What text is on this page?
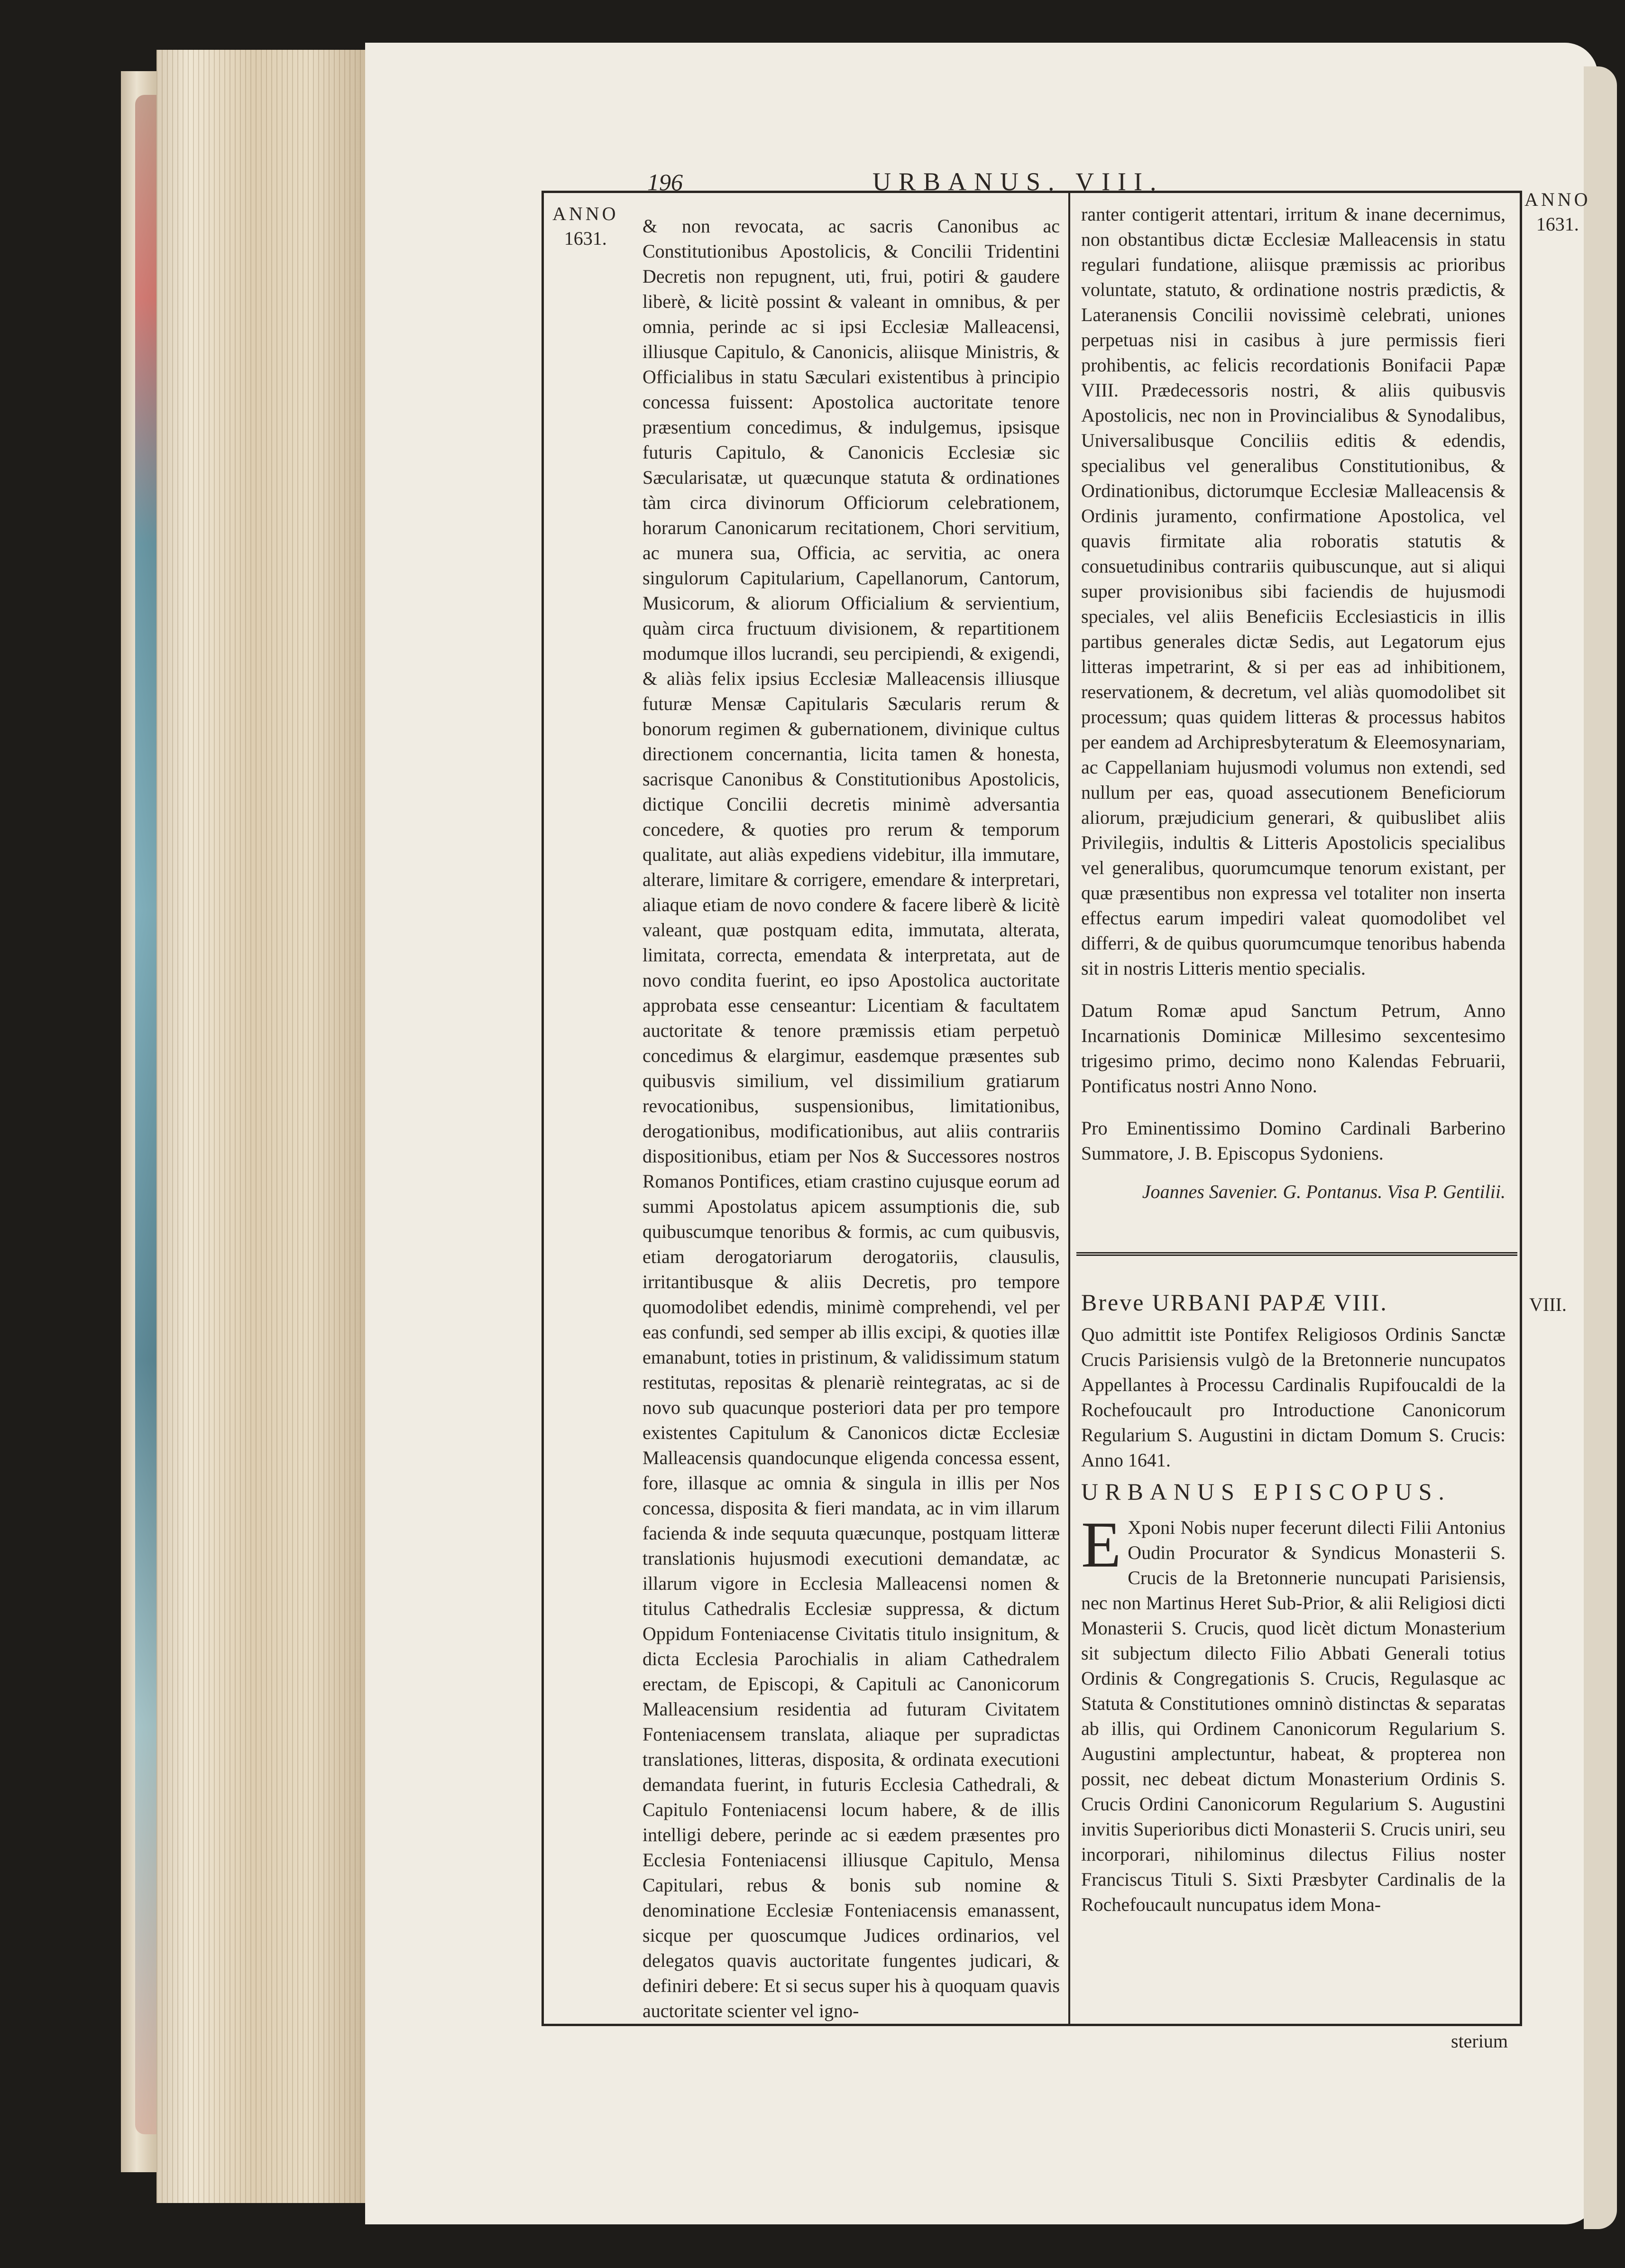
196	URBANUS. VIII.
ANNO
1631.
ANNO
1631.
VIII.

& non revocata, ac sacris Canonibus ac Constitutionibus Apostolicis, & Concilii Tridentini Decretis non repugnent, uti, frui, potiri & gaudere liberè, & licitè possint & valeant in omnibus, & per omnia, perinde ac si ipsi Ecclesiæ Malleacensi, illiusque Capitulo, & Canonicis, aliisque Ministris, & Officialibus in statu Sæculari existentibus à principio concessa fuissent: Apostolica auctoritate tenore præsentium concedimus, & indulgemus, ipsisque futuris Capitulo, & Canonicis Ecclesiæ sic Sæcularisatæ, ut quæcunque statuta & ordinationes tàm circa divinorum Officiorum celebrationem, horarum Canonicarum recitationem, Chori servitium, ac munera sua, Officia, ac servitia, ac onera singulorum Capitularium, Capellanorum, Cantorum, Musicorum, & aliorum Officialium & servientium, quàm circa fructuum divisionem, & repartitionem modumque illos lucrandi, seu percipiendi, & exigendi, & aliàs felix ipsius Ecclesiæ Malleacensis illiusque futuræ Mensæ Capitularis Sæcularis rerum & bonorum regimen & gubernationem, divinique cultus directionem concernantia, licita tamen & honesta, sacrisque Canonibus & Constitutionibus Apostolicis, dictique Concilii decretis minimè adversantia concedere, & quoties pro rerum & temporum qualitate, aut aliàs expediens videbitur, illa immutare, alterare, limitare & corrigere, emendare & interpretari, aliaque etiam de novo condere & facere liberè & licitè valeant, quæ postquam edita, immutata, alterata, limitata, correcta, emendata & interpretata, aut de novo condita fuerint, eo ipso Apostolica auctoritate approbata esse censeantur: Licentiam & facultatem auctoritate & tenore præmissis etiam perpetuò concedimus & elargimur, easdemque præsentes sub quibusvis similium, vel dissimilium gratiarum revocationibus, suspensionibus, limitationibus, derogationibus, modificationibus, aut aliis contrariis dispositionibus, etiam per Nos & Successores nostros Romanos Pontifices, etiam crastino cujusque eorum ad summi Apostolatus apicem assumptionis die, sub quibuscumque tenoribus & formis, ac cum quibusvis, etiam derogatoriarum derogatoriis, clausulis, irritantibusque & aliis Decretis, pro tempore quomodolibet edendis, minimè comprehendi, vel per eas confundi, sed semper ab illis excipi, & quoties illæ emanabunt, toties in pristinum, & validissimum statum restitutas, repositas & plenariè reintegratas, ac si de novo sub quacunque posteriori data per pro tempore existentes Capitulum & Canonicos dictæ Ecclesiæ Malleacensis quandocunque eligenda concessa essent, fore, illasque ac omnia & singula in illis per Nos concessa, disposita & fieri mandata, ac in vim illarum facienda & inde sequuta quæcunque, postquam litteræ translationis hujusmodi executioni demandatæ, ac illarum vigore in Ecclesia Malleacensi nomen & titulus Cathedralis Ecclesiæ suppressa, & dictum Oppidum Fonteniacense Civitatis titulo insignitum, & dicta Ecclesia Parochialis in aliam Cathedralem erectam, de Episcopi, & Capituli ac Canonicorum Malleacensium residentia ad futuram Civitatem Fonteniacensem translata, aliaque per supradictas translationes, litteras, disposita, & ordinata executioni demandata fuerint, in futuris Ecclesia Cathedrali, & Capitulo Fonteniacensi locum habere, & de illis intelligi debere, perinde ac si eædem præsentes pro Ecclesia Fonteniacensi illiusque Capitulo, Mensa Capitulari, rebus & bonis sub nomine & denominatione Ecclesiæ Fonteniacensis emanassent, sicque per quoscumque Judices ordinarios, vel delegatos quavis auctoritate fungentes judicari, & definiri debere: Et si secus super his à quoquam quavis auctoritate scienter vel igno-

ranter contigerit attentari, irritum & inane decernimus, non obstantibus dictæ Ecclesiæ Malleacensis in statu regulari fundatione, aliisque præmissis ac prioribus voluntate, statuto, & ordinatione nostris prædictis, & Lateranensis Concilii novissimè celebrati, uniones perpetuas nisi in casibus à jure permissis fieri prohibentis, ac felicis recordationis Bonifacii Papæ VIII. Prædecessoris nostri, & aliis quibusvis Apostolicis, nec non in Provincialibus & Synodalibus, Universalibusque Conciliis editis & edendis, specialibus vel generalibus Constitutionibus, & Ordinationibus, dictorumque Ecclesiæ Malleacensis & Ordinis juramento, confirmatione Apostolica, vel quavis firmitate alia roboratis statutis & consuetudinibus contrariis quibuscunque, aut si aliqui super provisionibus sibi faciendis de hujusmodi speciales, vel aliis Beneficiis Ecclesiasticis in illis partibus generales dictæ Sedis, aut Legatorum ejus litteras impetrarint, & si per eas ad inhibitionem, reservationem, & decretum, vel aliàs quomodolibet sit processum; quas quidem litteras & processus habitos per eandem ad Archipresbyteratum & Eleemosynariam, ac Cappellaniam hujusmodi volumus non extendi, sed nullum per eas, quoad assecutionem Beneficiorum aliorum, præjudicium generari, & quibuslibet aliis Privilegiis, indultis & Litteris Apostolicis specialibus vel generalibus, quorumcumque tenorum existant, per quæ præsentibus non expressa vel totaliter non inserta effectus earum impediri valeat quomodolibet vel differri, & de quibus quorumcumque tenoribus habenda sit in nostris Litteris mentio specialis.

Datum Romæ apud Sanctum Petrum, Anno Incarnationis Dominicæ Millesimo sexcentesimo trigesimo primo, decimo nono Kalendas Februarii, Pontificatus nostri Anno Nono.

Pro Eminentissimo Domino Cardinali Barberino Summatore, J. B. Episcopus Sydoniens.

Joannes Savenier. G. Pontanus. Visa P. Gentilii.

Breve URBANI PAPÆ VIII.

Quo admittit iste Pontifex Religiosos Ordinis Sanctæ Crucis Parisiensis vulgò de la Bretonnerie nuncupatos Appellantes à Processu Cardinalis Rupifoucaldi de la Rochefoucault pro Introductione Canonicorum Regularium S. Augustini in dictam Domum S. Crucis: Anno 1641.

URBANUS EPISCOPUS.

E Xponi Nobis nuper fecerunt dilecti Filii Antonius Oudin Procurator & Syndicus Monasterii S. Crucis de la Bretonnerie nuncupati Parisiensis, nec non Martinus Heret Sub-Prior, & alii Religiosi dicti Monasterii S. Crucis, quod licèt dictum Monasterium sit subjectum dilecto Filio Abbati Generali totius Ordinis & Congregationis S. Crucis, Regulasque ac Statuta & Constitutiones omninò distinctas & separatas ab illis, qui Ordinem Canonicorum Regularium S. Augustini amplectuntur, habeat, & propterea non possit, nec debeat dictum Monasterium Ordinis S. Crucis Ordini Canonicorum Regularium S. Augustini invitis Superioribus dicti Monasterii S. Crucis uniri, seu incorporari, nihilominus dilectus Filius noster Franciscus Tituli S. Sixti Præsbyter Cardinalis de la Rochefoucault nuncupatus idem Mona-

sterium
